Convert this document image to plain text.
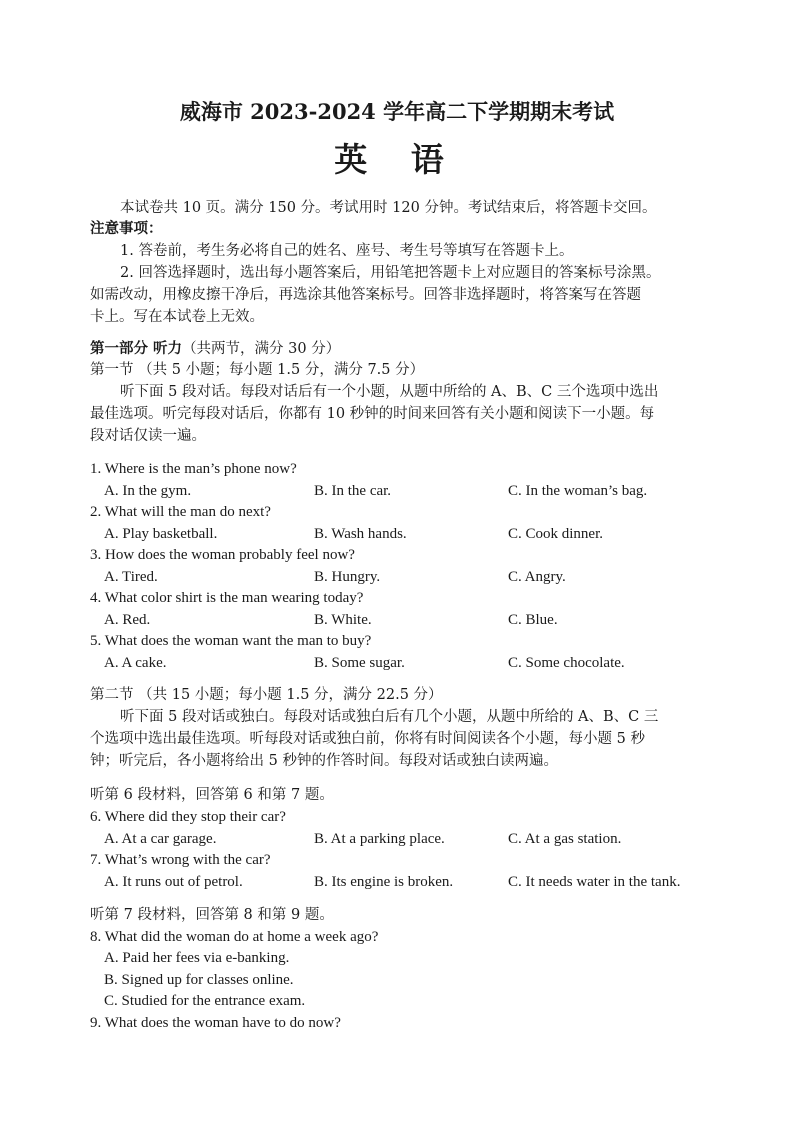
威海市 2023-2024 学年高二下学期期末考试
英 语
本试卷共 10 页。满分 150 分。考试用时 120 分钟。考试结束后，将答题卡交回。
注意事项：
1. 答卷前，考生务必将自己的姓名、座号、考生号等填写在答题卡上。
2. 回答选择题时，选出每小题答案后，用铅笔把答题卡上对应题目的答案标号涂黑。
如需改动，用橡皮擦干净后，再选涂其他答案标号。回答非选择题时，将答案写在答题
卡上。写在本试卷上无效。
第一部分 听力（共两节，满分 30 分）
第一节 （共 5 小题；每小题 1.5 分，满分 7.5 分）
听下面 5 段对话。每段对话后有一个小题，从题中所给的 A、B、C 三个选项中选出
最佳选项。听完每段对话后，你都有 10 秒钟的时间来回答有关小题和阅读下一小题。每
段对话仅读一遍。
1. Where is the man’s phone now?
A. In the gym.	B. In the car.	C. In the woman’s bag.
2. What will the man do next?
A. Play basketball.	B. Wash hands.	C. Cook dinner.
3. How does the woman probably feel now?
A. Tired.	B. Hungry.	C. Angry.
4. What color shirt is the man wearing today?
A. Red.	B. White.	C. Blue.
5. What does the woman want the man to buy?
A. A cake.	B. Some sugar.	C. Some chocolate.
第二节 （共 15 小题；每小题 1.5 分，满分 22.5 分）
听下面 5 段对话或独白。每段对话或独白后有几个小题，从题中所给的 A、B、C 三
个选项中选出最佳选项。听每段对话或独白前，你将有时间阅读各个小题，每小题 5 秒
钟；听完后，各小题将给出 5 秒钟的作答时间。每段对话或独白读两遍。
听第 6 段材料，回答第 6 和第 7 题。
6. Where did they stop their car?
A. At a car garage.	B. At a parking place.	C. At a gas station.
7. What’s wrong with the car?
A. It runs out of petrol.	B. Its engine is broken.	C. It needs water in the tank.
听第 7 段材料，回答第 8 和第 9 题。
8. What did the woman do at home a week ago?
A. Paid her fees via e-banking.
B. Signed up for classes online.
C. Studied for the entrance exam.
9. What does the woman have to do now?
